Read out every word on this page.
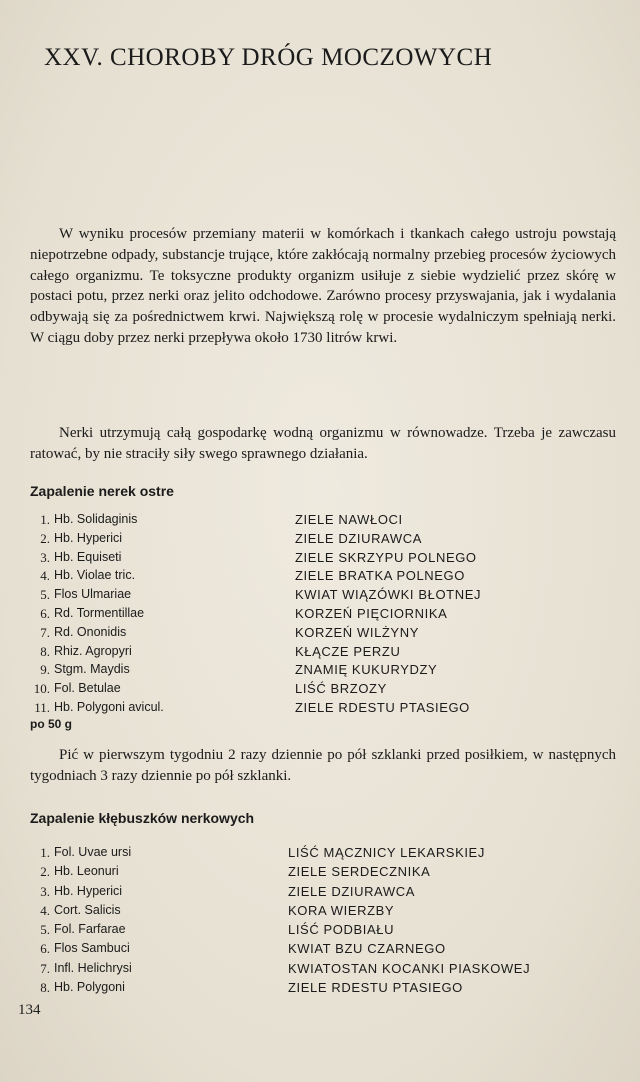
XXV. CHOROBY DRÓG MOCZOWYCH
W wyniku procesów przemiany materii w komórkach i tkankach całego ustroju powstają niepotrzebne odpady, substancje trujące, które zakłócają normalny przebieg procesów życiowych całego organizmu. Te toksyczne produkty organizm usiłuje z siebie wydzielić przez skórę w postaci potu, przez nerki oraz jelito odchodowe. Zarówno procesy przyswajania, jak i wydalania odbywają się za pośrednictwem krwi. Największą rolę w procesie wydalniczym spełniają nerki. W ciągu doby przez nerki przepływa około 1730 litrów krwi.
Nerki utrzymują całą gospodarkę wodną organizmu w równowadze. Trzeba je zawczasu ratować, by nie straciły siły swego sprawnego działania.
Zapalenie nerek ostre
1. Hb. Solidaginis	ZIELE NAWŁOCI
2. Hb. Hyperici	ZIELE DZIURAWCA
3. Hb. Equiseti	ZIELE SKRZYPU POLNEGO
4. Hb. Violae tric.	ZIELE BRATKA POLNEGO
5. Flos Ulmariae	KWIAT WIĄZÓWKI BŁOTNEJ
6. Rd. Tormentillae	KORZEŃ PIĘCIORNIKA
7. Rd. Ononidis	KORZEŃ WILŻYNY
8. Rhiz. Agropyri	KŁĄCZE PERZU
9. Stgm. Maydis	ZNAMIĘ KUKURYDZY
10. Fol. Betulae	LIŚĆ BRZOZY
11. Hb. Polygoni avicul.	ZIELE RDESTU PTASIEGO
po 50 g
Pić w pierwszym tygodniu 2 razy dziennie po pół szklanki przed posiłkiem, w następnych tygodniach 3 razy dziennie po pół szklanki.
Zapalenie kłębuszków nerkowych
1. Fol. Uvae ursi	LIŚĆ MĄCZNICY LEKARSKIEJ
2. Hb. Leonuri	ZIELE SERDECZNIKA
3. Hb. Hyperici	ZIELE DZIURAWCA
4. Cort. Salicis	KORA WIERZBY
5. Fol. Farfarae	LIŚĆ PODBIAŁU
6. Flos Sambuci	KWIAT BZU CZARNEGO
7. Infl. Helichrysi	KWIATOSTAN KOCANKI PIASKOWEJ
8. Hb. Polygoni	ZIELE RDESTU PTASIEGO
134
